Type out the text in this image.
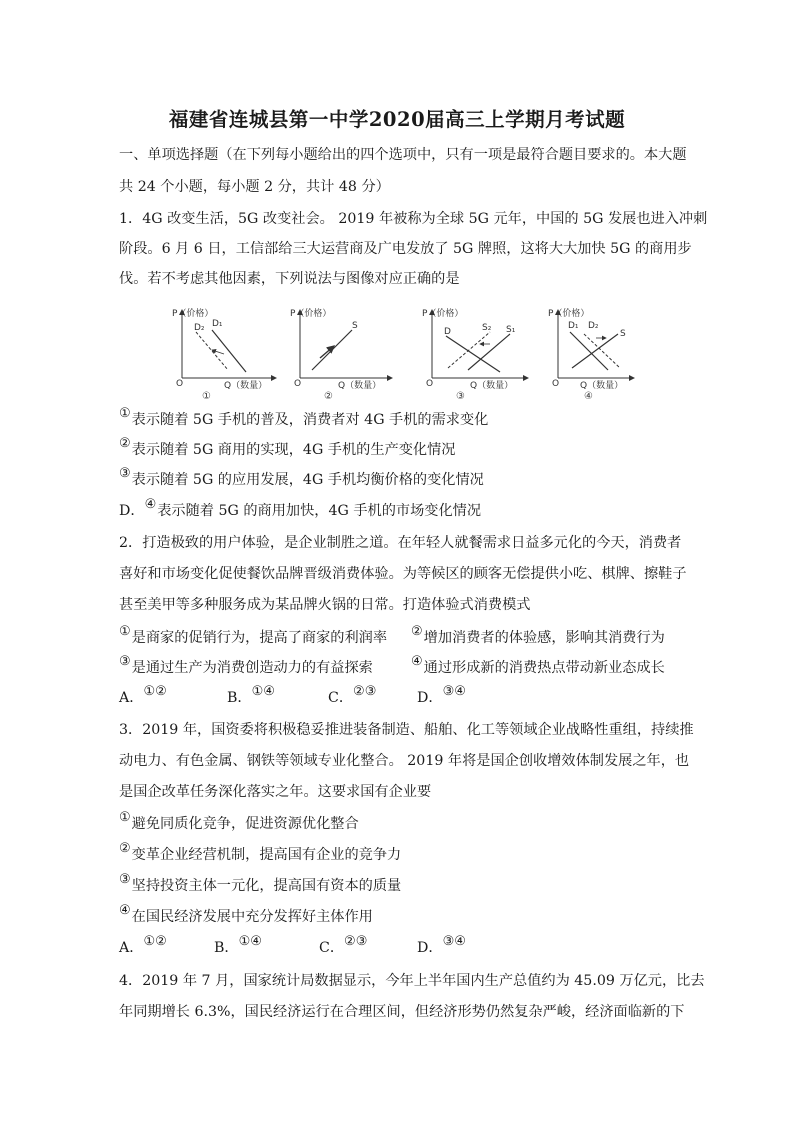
福建省连城县第一中学2020届高三上学期月考试题
一、单项选择题（在下列每小题给出的四个选项中，只有一项是最符合题目要求的。本大题
共 24 个小题，每小题 2 分，共计 48 分）
1．4G 改变生活，5G 改变社会。 2019 年被称为全球 5G 元年，中国的 5G 发展也进入冲刺
阶段。6 月 6 日，工信部给三大运营商及广电发放了 5G 牌照，这将大大加快 5G 的商用步
伐。若不考虑其他因素，下列说法与图像对应正确的是
P（价格）
O	Q（数量）
①
D₂ D₁
P（价格）
O	Q（数量）
②
S
P（价格）
O	Q（数量）
③
D	S₂ S₁
P（价格）
O Q（数量）
④
D₁ D₂
S
①表示随着 5G 手机的普及，消费者对 4G 手机的需求变化
②表示随着 5G 商用的实现，4G 手机的生产变化情况
③表示随着 5G 的应用发展，4G 手机均衡价格的变化情况
D．④表示随着 5G 的商用加快，4G 手机的市场变化情况
2．打造极致的用户体验，是企业制胜之道。在年轻人就餐需求日益多元化的今天，消费者
喜好和市场变化促使餐饮品牌晋级消费体验。为等候区的顾客无偿提供小吃、棋牌、擦鞋子
甚至美甲等多种服务成为某品牌火锅的日常。打造体验式消费模式
①是商家的促销行为，提高了商家的利润率 ②增加消费者的体验感，影响其消费行为
③是通过生产为消费创造动力的有益探索	④通过形成新的消费热点带动新业态成长
A．①②	B．①④	C．②③	D．③④
3．2019 年，国资委将积极稳妥推进装备制造、船舶、化工等领域企业战略性重组，持续推
动电力、有色金属、钢铁等领域专业化整合。 2019 年将是国企创收增效体制发展之年，也
是国企改革任务深化落实之年。这要求国有企业要
①避免同质化竞争，促进资源优化整合
②变革企业经营机制，提高国有企业的竞争力
③坚持投资主体一元化，提高国有资本的质量
④在国民经济发展中充分发挥好主体作用
A．①②	B．①④	C．②③	D．③④
4．2019 年 7 月，国家统计局数据显示，今年上半年国内生产总值约为 45.09 万亿元，比去
年同期增长 6.3%，国民经济运行在合理区间，但经济形势仍然复杂严峻，经济面临新的下
